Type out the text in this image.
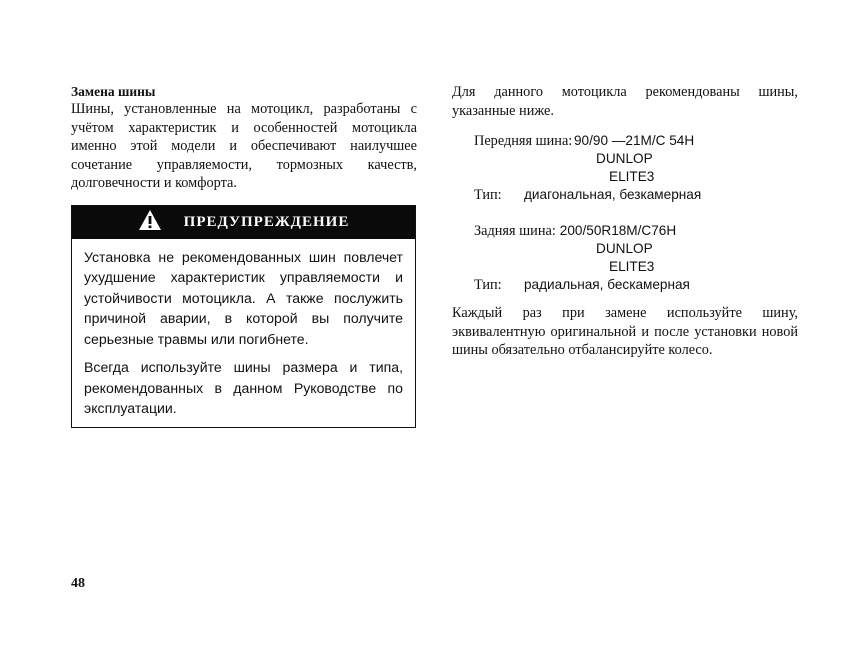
Замена шины

Шины, установленные на мотоцикл, разработаны с учётом характеристик и особенностей мотоцикла именно этой модели и обеспечивают наилучшее сочетание управляемости, тормозных качеств, долговечности и комфорта.

ПРЕДУПРЕЖДЕНИЕ

Установка не рекомендованных шин повлечет ухудшение характеристик управляемости и устойчивости мотоцикла. А также послужить причиной аварии, в которой вы получите серьезные травмы или погибнете.

Всегда используйте шины размера и типа, рекомендованных в данном Руководстве по эксплуатации.

Для данного мотоцикла рекомендованы шины, указанные ниже.

Передняя шина: 90/90 —21M/C 54H
DUNLOP
ELITE3
Тип:	диагональная, безкамерная
Задняя шина: 200/50R18M/C76H
DUNLOP
ELITE3
Тип:	радиальная, бескамерная

Каждый раз при замене используйте шину, эквивалентную оригинальной и после установки новой шины обязательно отбалансируйте колесо.

48
